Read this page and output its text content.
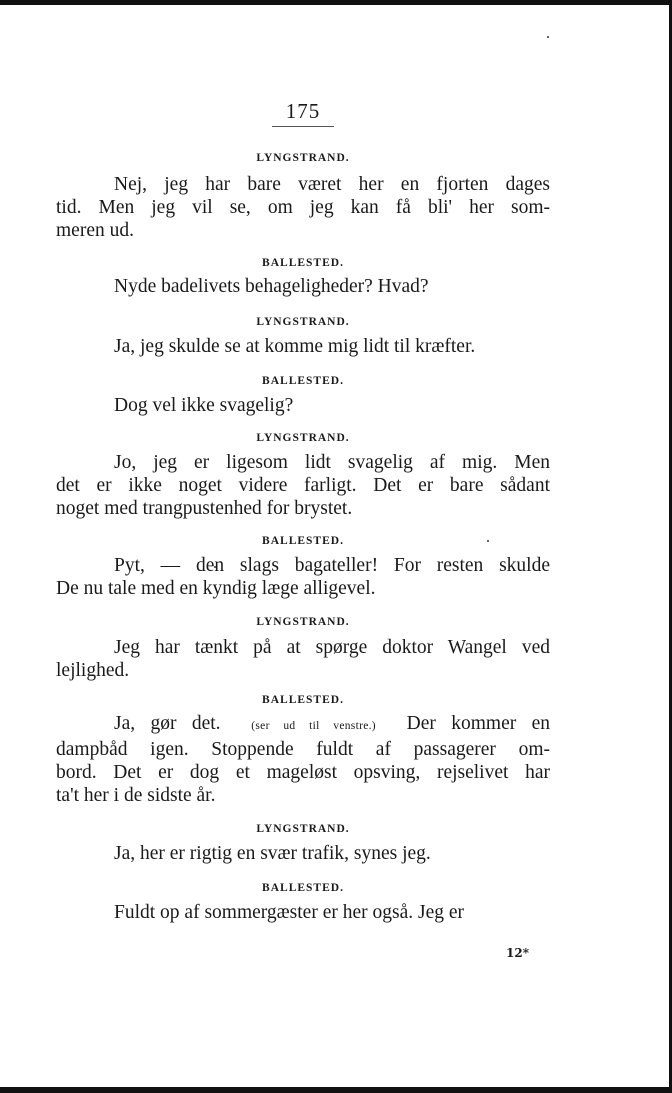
175
LYNGSTRAND.
Nej, jeg har bare været her en fjorten dages
tid. Men jeg vil se, om jeg kan få bli' her som-
meren ud.
BALLESTED.
Nyde badelivets behageligheder? Hvad?
LYNGSTRAND.
Ja, jeg skulde se at komme mig lidt til kræfter.
BALLESTED.
Dog vel ikke svagelig?
LYNGSTRAND.
Jo, jeg er ligesom lidt svagelig af mig. Men
det er ikke noget videre farligt. Det er bare sådant
noget med trangpustenhed for brystet.
BALLESTED.
Pyt, — den slags bagateller! For resten skulde
De nu tale med en kyndig læge alligevel.
LYNGSTRAND.
Jeg har tænkt på at spørge doktor Wangel ved
lejlighed.
BALLESTED.
Ja, gør det.	(ser ud til venstre.) Der kommer en
dampbåd igen. Stoppende fuldt af passagerer om-
bord. Det er dog et mageløst opsving, rejselivet har
ta't her i de sidste år.
LYNGSTRAND.
Ja, her er rigtig en svær trafik, synes jeg.
BALLESTED.
Fuldt op af sommergæster er her også. Jeg er
12*
